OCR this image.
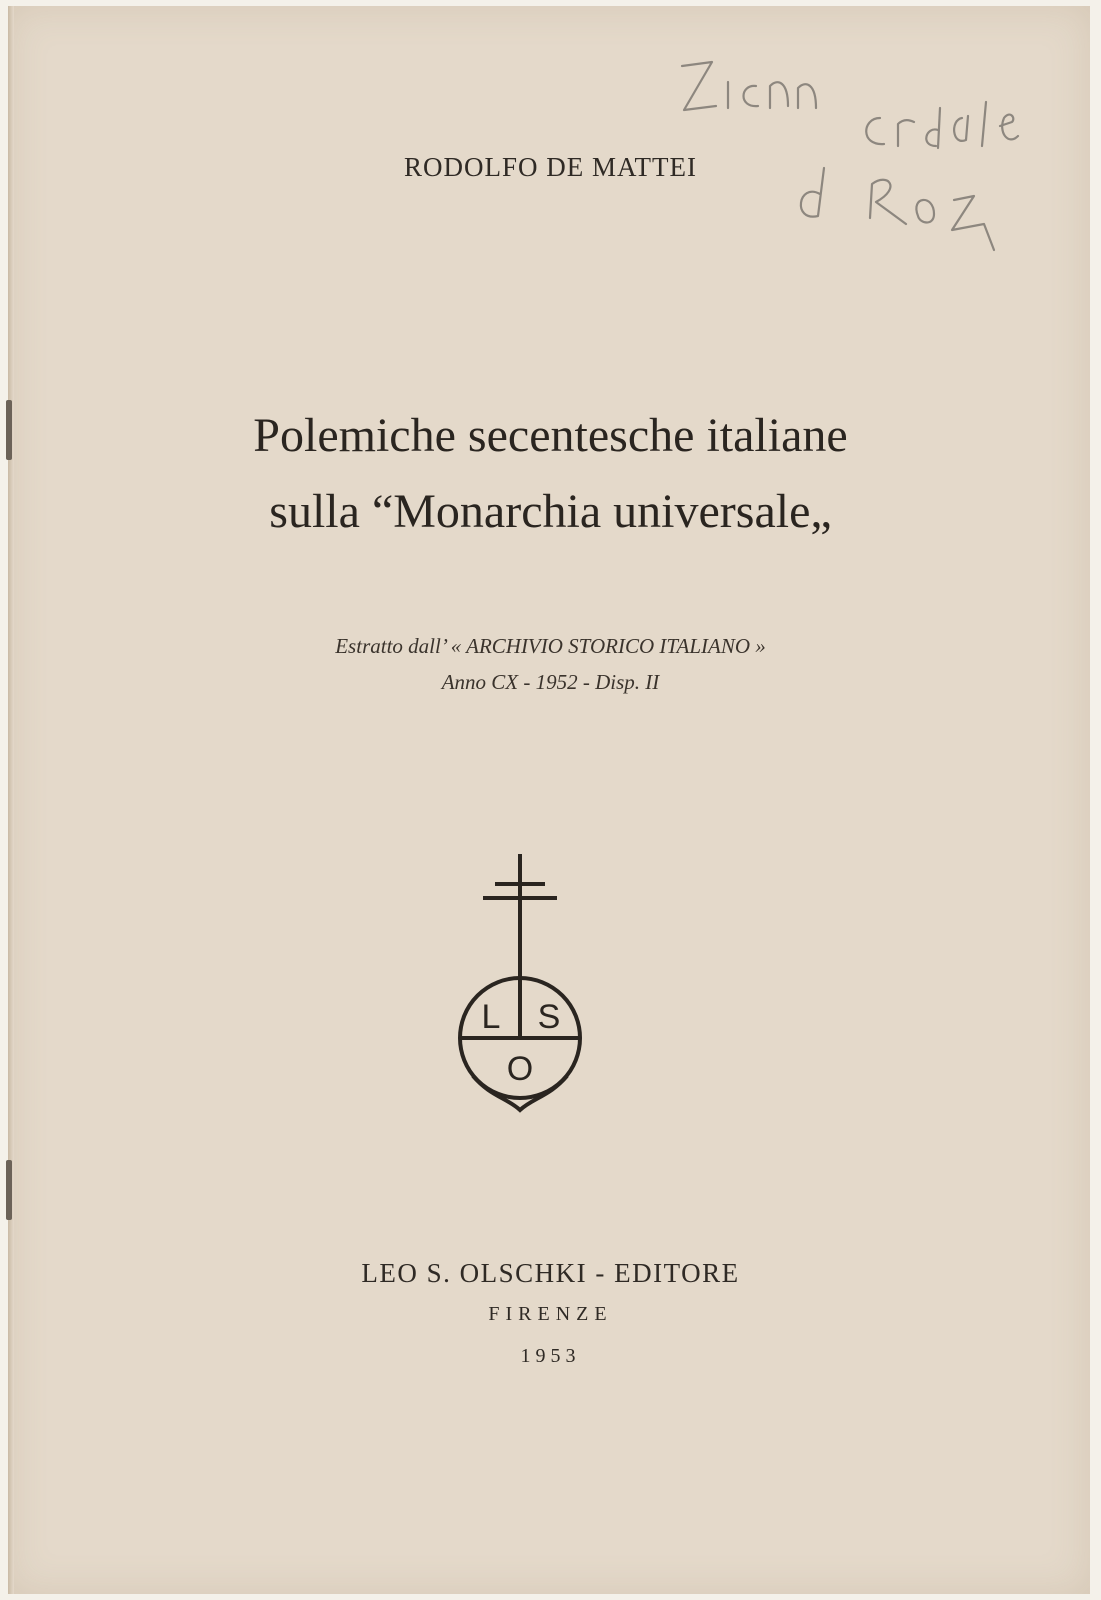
RODOLFO DE MATTEI
Polemiche secentesche italiane
sulla “Monarchia universale„
Estratto dall’ « ARCHIVIO STORICO ITALIANO »
Anno CX - 1952 - Disp. II
L S
O
LEO S. OLSCHKI - EDITORE
FIRENZE
1953
